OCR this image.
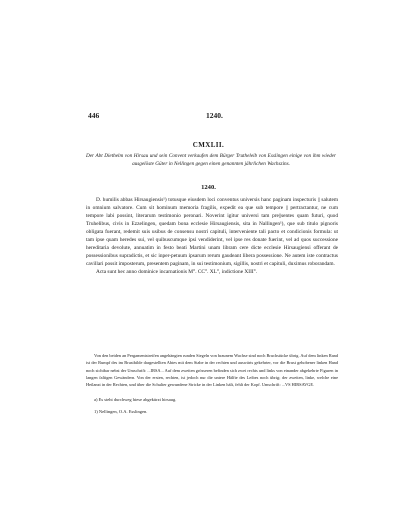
446	1240.
CMXLII.
Der Abt Diethelm von Hirsau und sein Convent verkaufen dem Bürger Trutheleib von Esslingen einige von ihm wieder ausgelöste Güter in Nellingen gegen einen genannten jährlichen Wachszins.
1240.

D. humilis abbas Hirsaugiensis¹) totusque eiusdem loci conventus universis hanc paginam inspecturis || salutem in omnium salvatore. Cum sit hominum memoria fragilis, expedit ea que sub tempore || pertractantur, ne cum tempore labi possint, literarum testimonio peronari. Noverint igitur universi tam pre||sentes quam futuri, quod Truhelibus, civis in Ezzelingen, quedam bona ecclesie Hirsaugiensis, sita in Nallingen¹), que sub titulo pignoris obligata fuerant, redemit suis usibus de consensu nostri capituli, interveniente tali pacto et condicionis formula: ut tam ipse quam heredes sui, vel quibuscumque ipsi vendiderint, vel ipse res donate fuerint, vel ad quos successione hereditaria devolute, annuatim in festo beati Martini unam libram cere dicte ecclesie Hirsaugiensi offerant de possessionibus supradictis, et sic inper-petuum ipsarum rerum gaudeant libera possessione. Ne autem iste contractus cavillari possit imposterum, presentem paginam, in sui testimonium, sigillis, nostri et capituli, duximus roborandam.

Acta sunt hec anno dominice incarnationis M°. CC°. XL°, indictione XIII°.

Von den beiden an Pergamentstreifen angehängten runden Siegeln von braunem Wachse sind noch Bruchstücke übrig. Auf dem linken Rand ist der Rumpf des im Brustbilde dargestellten Abtes mit dem Stabe in der rechten und auswärts gekehrter, vor die Brust gehobener linken Hand noch sichtbar nebst der Umschrift: ...IRSA... Auf dem zweiten grösseren befinden sich zwei rechts und links von einander abgekehrte Figuren in langen faltigen Gewändern. Von der ersten, rechten, ist jedoch nur die untere Hälfte des Leibes noch übrig; der zweiten, linke, welche eine Heilanzt in der Rechten, und über die Schulter gewundene Stricke in der Linken hält, fehlt der Kopf. Umschrift: ...VS HIRSAVGE.

a) Es steht durchweg hiese abgekürzt hirsaug.
1) Nellingen, O.A. Esslingen.
